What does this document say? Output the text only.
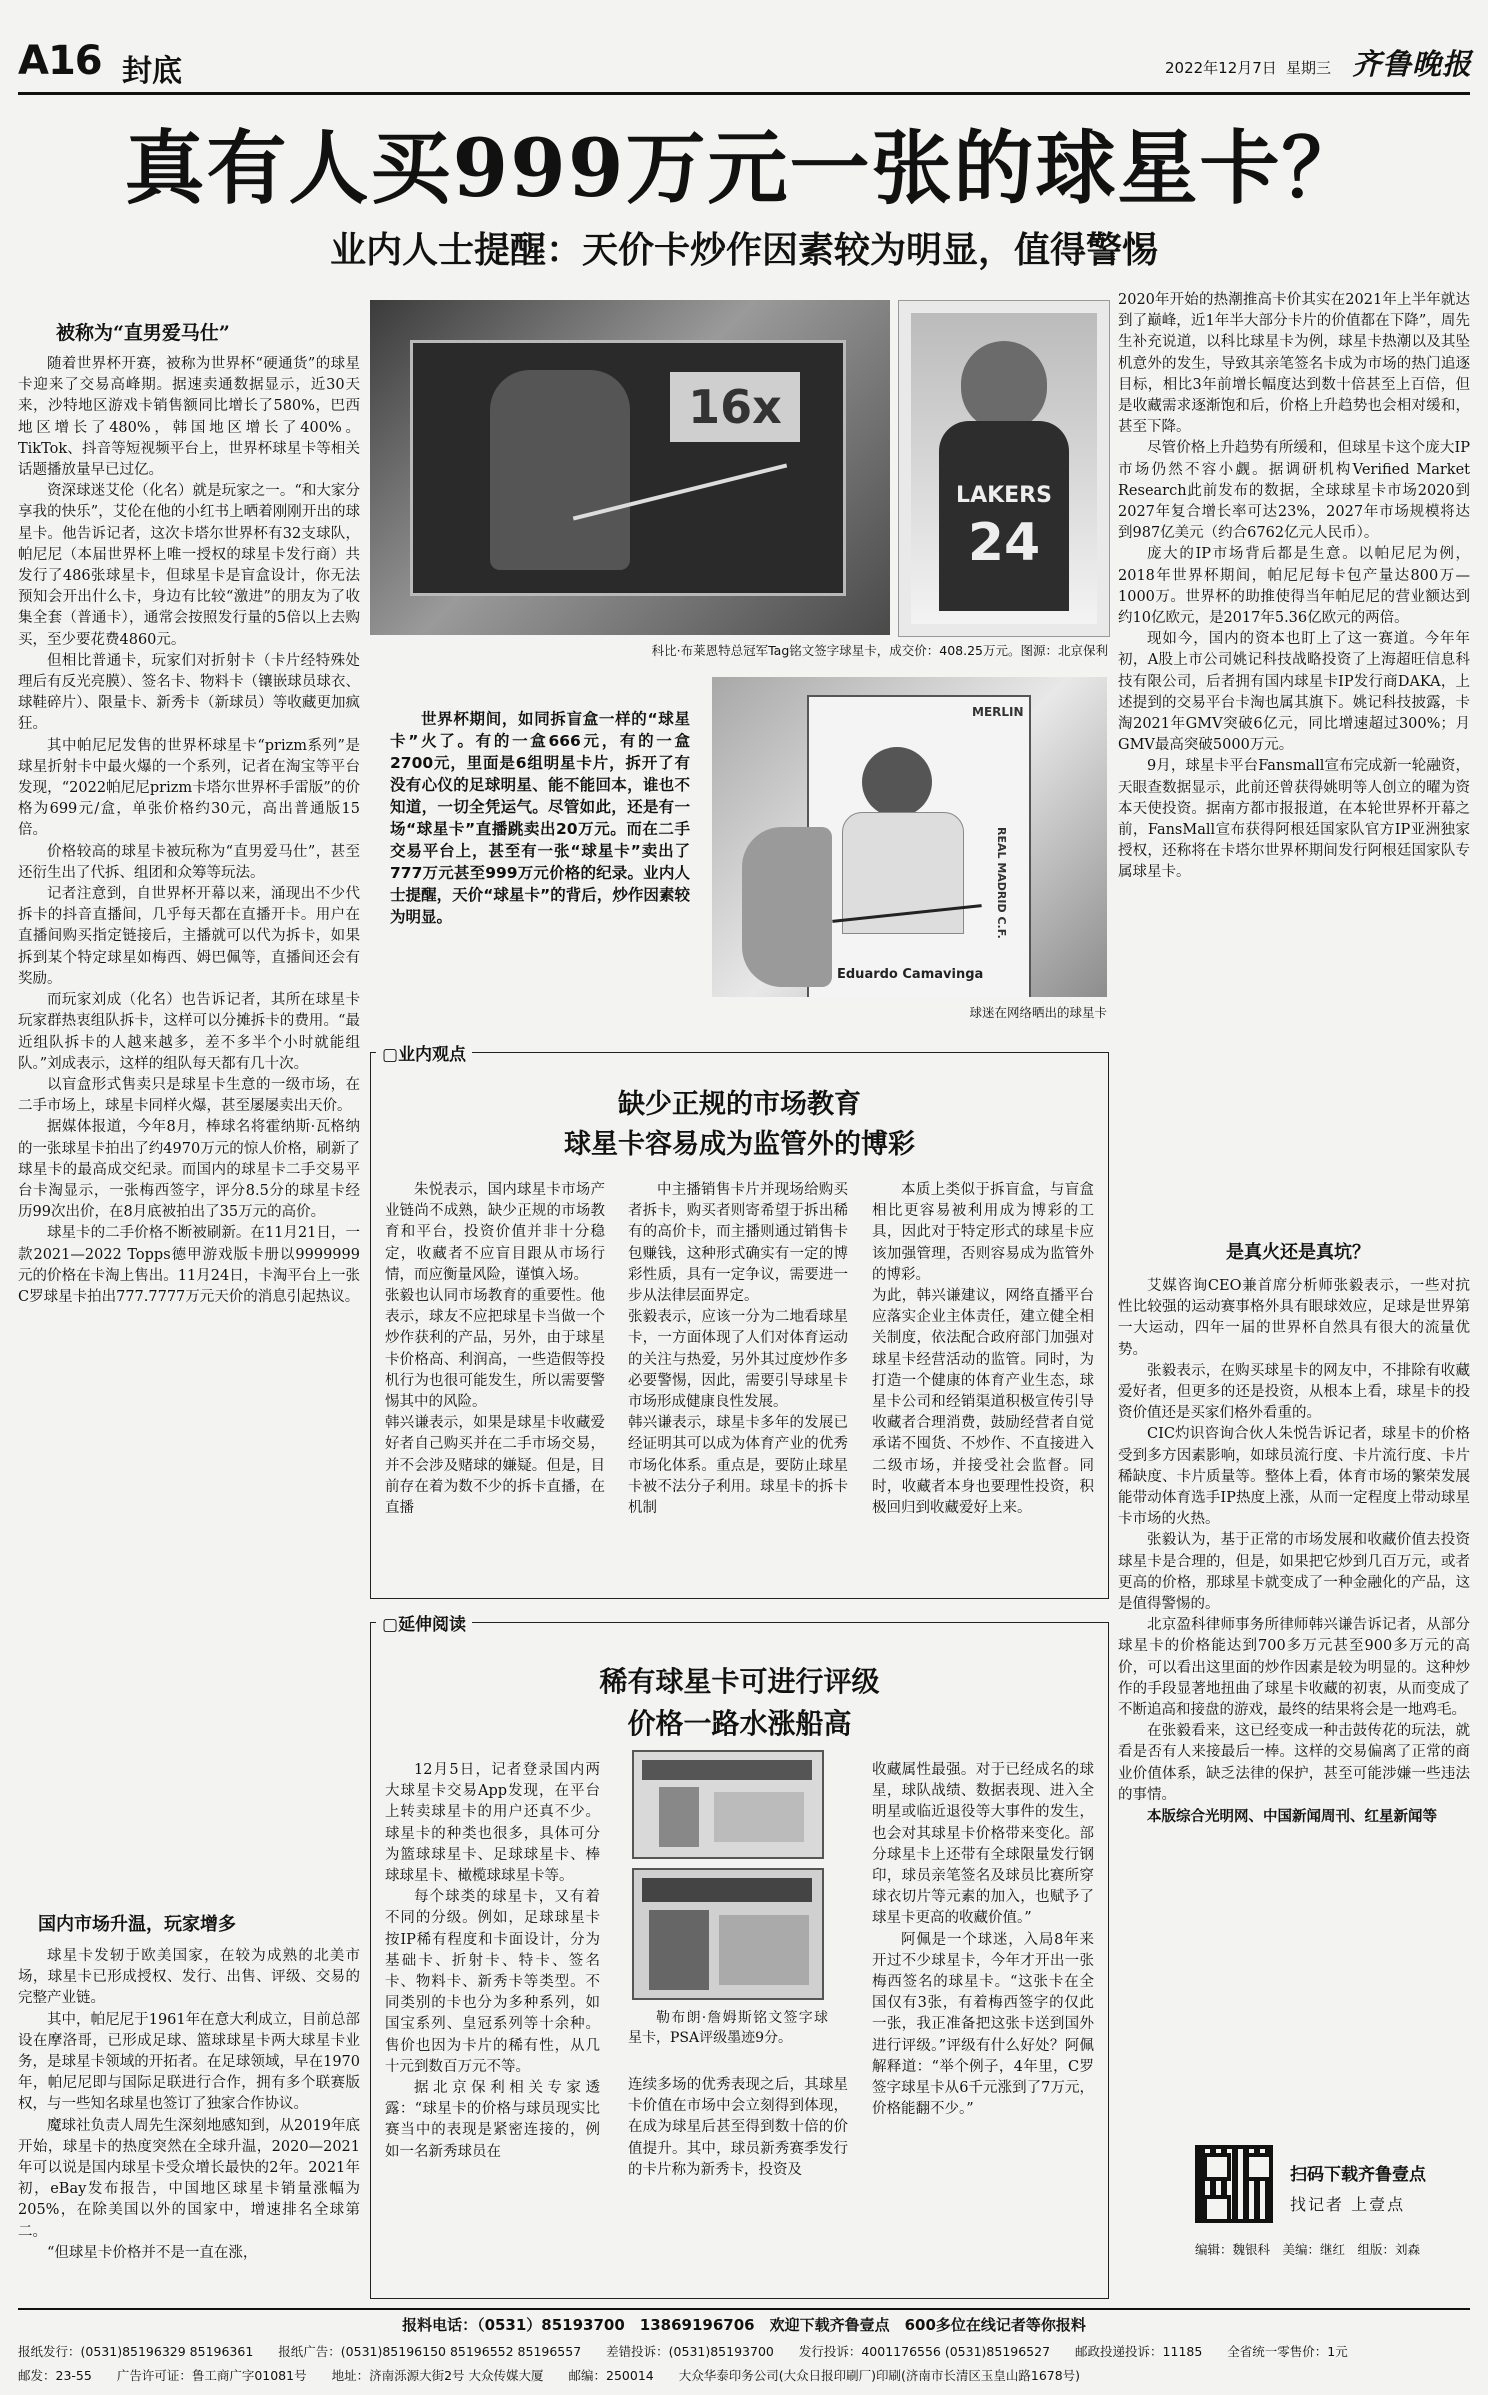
A16 封底	2022年12月7日 星期三 齐鲁晚报
真有人买999万元一张的球星卡？
业内人士提醒：天价卡炒作因素较为明显，值得警惕
被称为“直男爱马仕”

随着世界杯开赛，被称为世界杯“硬通货”的球星卡迎来了交易高峰期。据速卖通数据显示，近30天来，沙特地区游戏卡销售额同比增长了580%，巴西地区增长了480%，韩国地区增长了400%。TikTok、抖音等短视频平台上，世界杯球星卡等相关话题播放量早已过亿。

资深球迷艾伦（化名）就是玩家之一。“和大家分享我的快乐”，艾伦在他的小红书上晒着刚刚开出的球星卡。他告诉记者，这次卡塔尔世界杯有32支球队，帕尼尼（本届世界杯上唯一授权的球星卡发行商）共发行了486张球星卡，但球星卡是盲盒设计，你无法预知会开出什么卡，身边有比较“激进”的朋友为了收集全套（普通卡），通常会按照发行量的5倍以上去购买，至少要花费4860元。

但相比普通卡，玩家们对折射卡（卡片经特殊处理后有反光亮膜）、签名卡、物料卡（镶嵌球员球衣、球鞋碎片）、限量卡、新秀卡（新球员）等收藏更加疯狂。

其中帕尼尼发售的世界杯球星卡“prizm系列”是球星折射卡中最火爆的一个系列，记者在淘宝等平台发现，“2022帕尼尼prizm卡塔尔世界杯手雷版”的价格为699元/盒，单张价格约30元，高出普通版15倍。

价格较高的球星卡被玩称为“直男爱马仕”，甚至还衍生出了代拆、组团和众筹等玩法。

记者注意到，自世界杯开幕以来，涌现出不少代拆卡的抖音直播间，几乎每天都在直播开卡。用户在直播间购买指定链接后，主播就可以代为拆卡，如果拆到某个特定球星如梅西、姆巴佩等，直播间还会有奖励。

而玩家刘成（化名）也告诉记者，其所在球星卡玩家群热衷组队拆卡，这样可以分摊拆卡的费用。“最近组队拆卡的人越来越多，差不多半个小时就能组队。”刘成表示，这样的组队每天都有几十次。

以盲盒形式售卖只是球星卡生意的一级市场，在二手市场上，球星卡同样火爆，甚至屡屡卖出天价。

据媒体报道，今年8月，棒球名将霍纳斯·瓦格纳的一张球星卡拍出了约4970万元的惊人价格，刷新了球星卡的最高成交纪录。而国内的球星卡二手交易平台卡淘显示，一张梅西签字，评分8.5分的球星卡经历99次出价，在8月底被拍出了35万元的高价。

球星卡的二手价格不断被刷新。在11月21日，一款2021—2022 Topps德甲游戏版卡册以9999999元的价格在卡淘上售出。11月24日，卡淘平台上一张C罗球星卡拍出777.7777万元天价的消息引起热议。

国内市场升温，玩家增多

球星卡发轫于欧美国家，在较为成熟的北美市场，球星卡已形成授权、发行、出售、评级、交易的完整产业链。

其中，帕尼尼于1961年在意大利成立，目前总部设在摩洛哥，已形成足球、篮球球星卡两大球星卡业务，是球星卡领域的开拓者。在足球领域，早在1970年，帕尼尼即与国际足联进行合作，拥有多个联赛版权，与一些知名球星也签订了独家合作协议。

魔球社负责人周先生深刻地感知到，从2019年底开始，球星卡的热度突然在全球升温，2020—2021年可以说是国内球星卡受众增长最快的2年。2021年初，eBay发布报告，中国地区球星卡销量涨幅为205%，在除美国以外的国家中，增速排名全球第二。

“但球星卡价格并不是一直在涨，

16x
LAKERS
24
科比·布莱恩特总冠军Tag铭文签字球星卡，成交价：408.25万元。图源：北京保利
世界杯期间，如同拆盲盒一样的“球星卡”火了。有的一盒666元，有的一盒2700元，里面是6组明星卡片，拆开了有没有心仪的足球明星、能不能回本，谁也不知道，一切全凭运气。尽管如此，还是有一场“球星卡”直播跳卖出20万元。而在二手交易平台上，甚至有一张“球星卡”卖出了777万元甚至999万元价格的纪录。业内人士提醒，天价“球星卡”的背后，炒作因素较为明显。
MERLIN
REAL MADRID C.F.
Eduardo Camavinga
球迷在网络晒出的球星卡

2020年开始的热潮推高卡价其实在2021年上半年就达到了巅峰，近1年半大部分卡片的价值都在下降”，周先生补充说道，以科比球星卡为例，球星卡热潮以及其坠机意外的发生，导致其亲笔签名卡成为市场的热门追逐目标，相比3年前增长幅度达到数十倍甚至上百倍，但是收藏需求逐渐饱和后，价格上升趋势也会相对缓和，甚至下降。

尽管价格上升趋势有所缓和，但球星卡这个庞大IP市场仍然不容小觑。据调研机构Verified Market Research此前发布的数据，全球球星卡市场2020到2027年复合增长率可达23%，2027年市场规模将达到987亿美元（约合6762亿元人民币）。

庞大的IP市场背后都是生意。以帕尼尼为例，2018年世界杯期间，帕尼尼每卡包产量达800万—1000万。世界杯的助推使得当年帕尼尼的营业额达到约10亿欧元，是2017年5.36亿欧元的两倍。

现如今，国内的资本也盯上了这一赛道。今年年初，A股上市公司姚记科技战略投资了上海超旺信息科技有限公司，后者拥有国内球星卡IP发行商DAKA，上述提到的交易平台卡淘也属其旗下。姚记科技披露，卡淘2021年GMV突破6亿元，同比增速超过300%；月GMV最高突破5000万元。

9月，球星卡平台Fansmall宣布完成新一轮融资，天眼查数据显示，此前还曾获得姚明等人创立的曜为资本天使投资。据南方都市报报道，在本轮世界杯开幕之前，FansMall宣布获得阿根廷国家队官方IP亚洲独家授权，还称将在卡塔尔世界杯期间发行阿根廷国家队专属球星卡。

是真火还是真坑？

艾媒咨询CEO兼首席分析师张毅表示，一些对抗性比较强的运动赛事格外具有眼球效应，足球是世界第一大运动，四年一届的世界杯自然具有很大的流量优势。

张毅表示，在购买球星卡的网友中，不排除有收藏爱好者，但更多的还是投资，从根本上看，球星卡的投资价值还是买家们格外看重的。

CIC灼识咨询合伙人朱悦告诉记者，球星卡的价格受到多方因素影响，如球员流行度、卡片流行度、卡片稀缺度、卡片质量等。整体上看，体育市场的繁荣发展能带动体育选手IP热度上涨，从而一定程度上带动球星卡市场的火热。

张毅认为，基于正常的市场发展和收藏价值去投资球星卡是合理的，但是，如果把它炒到几百万元，或者更高的价格，那球星卡就变成了一种金融化的产品，这是值得警惕的。

北京盈科律师事务所律师韩兴谦告诉记者，从部分球星卡的价格能达到700多万元甚至900多万元的高价，可以看出这里面的炒作因素是较为明显的。这种炒作的手段显著地扭曲了球星卡收藏的初衷，从而变成了不断追高和接盘的游戏，最终的结果将会是一地鸡毛。

在张毅看来，这已经变成一种击鼓传花的玩法，就看是否有人来接最后一棒。这样的交易偏离了正常的商业价值体系，缺乏法律的保护，甚至可能涉嫌一些违法的事情。

本版综合光明网、中国新闻周刊、红星新闻等

扫码下载齐鲁壹点
找记者 上壹点
编辑：魏银科　美编：继红　组版：刘森
▢业内观点
缺少正规的市场教育
球星卡容易成为监管外的博彩
朱悦表示，国内球星卡市场产业链尚不成熟，缺少正规的市场教育和平台，投资价值并非十分稳定，收藏者不应盲目跟从市场行情，而应衡量风险，谨慎入场。
张毅也认同市场教育的重要性。他表示，球友不应把球星卡当做一个炒作获利的产品，另外，由于球星卡价格高、利润高，一些造假等投机行为也很可能发生，所以需要警惕其中的风险。
韩兴谦表示，如果是球星卡收藏爱好者自己购买并在二手市场交易，并不会涉及赌球的嫌疑。但是，目前存在着为数不少的拆卡直播，在直播
中主播销售卡片并现场给购买者拆卡，购买者则寄希望于拆出稀有的高价卡，而主播则通过销售卡包赚钱，这种形式确实有一定的博彩性质，具有一定争议，需要进一步从法律层面界定。
张毅表示，应该一分为二地看球星卡，一方面体现了人们对体育运动的关注与热爱，另外其过度炒作多必要警惕，因此，需要引导球星卡市场形成健康良性发展。
韩兴谦表示，球星卡多年的发展已经证明其可以成为体育产业的优秀市场化体系。重点是，要防止球星卡被不法分子利用。球星卡的拆卡机制
本质上类似于拆盲盒，与盲盒相比更容易被利用成为博彩的工具，因此对于特定形式的球星卡应该加强管理，否则容易成为监管外的博彩。
为此，韩兴谦建议，网络直播平台应落实企业主体责任，建立健全相关制度，依法配合政府部门加强对球星卡经营活动的监管。同时，为打造一个健康的体育产业生态，球星卡公司和经销渠道积极宣传引导收藏者合理消费，鼓励经营者自觉承诺不囤货、不炒作、不直接进入二级市场，并接受社会监督。同时，收藏者本身也要理性投资，积极回归到收藏爱好上来。
▢延伸阅读
稀有球星卡可进行评级
价格一路水涨船高

12月5日，记者登录国内两大球星卡交易App发现，在平台上转卖球星卡的用户还真不少。球星卡的种类也很多，具体可分为篮球球星卡、足球球星卡、棒球球星卡、橄榄球球星卡等。

每个球类的球星卡，又有着不同的分级。例如，足球球星卡按IP稀有程度和卡面设计，分为基础卡、折射卡、特卡、签名卡、物料卡、新秀卡等类型。不同类别的卡也分为多种系列，如国宝系列、皇冠系列等十余种。售价也因为卡片的稀有性，从几十元到数百万元不等。

据北京保利相关专家透露：“球星卡的价格与球员现实比赛当中的表现是紧密连接的，例如一名新秀球员在

勒布朗·詹姆斯铭文签字球星卡，PSA评级墨迹9分。

连续多场的优秀表现之后，其球星卡价值在市场中会立刻得到体现，在成为球星后甚至得到数十倍的价值提升。其中，球员新秀赛季发行的卡片称为新秀卡，投资及

收藏属性最强。对于已经成名的球星，球队战绩、数据表现、进入全明星或临近退役等大事件的发生，也会对其球星卡价格带来变化。部分球星卡上还带有全球限量发行钢印，球员亲笔签名及球员比赛所穿球衣切片等元素的加入，也赋予了球星卡更高的收藏价值。”

阿佩是一个球迷，入局8年来开过不少球星卡，今年才开出一张梅西签名的球星卡。“这张卡在全国仅有3张，有着梅西签字的仅此一张，我正准备把这张卡送到国外进行评级。”评级有什么好处？阿佩解释道：“举个例子，4年里，C罗签字球星卡从6千元涨到了7万元，价格能翻不少。”

报料电话：（0531）85193700　13869196706　欢迎下载齐鲁壹点　600多位在线记者等你报料
报纸发行：(0531)85196329 85196361　　报纸广告：(0531)85196150 85196552 85196557　　差错投诉：(0531)85193700　　发行投诉：4001176556 (0531)85196527　　邮政投递投诉：11185　　全省统一零售价：1元
邮发：23-55　　广告许可证：鲁工商广字01081号　　地址：济南泺源大街2号 大众传媒大厦　　邮编：250014　　大众华泰印务公司(大众日报印刷厂)印刷(济南市长清区玉皇山路1678号)
